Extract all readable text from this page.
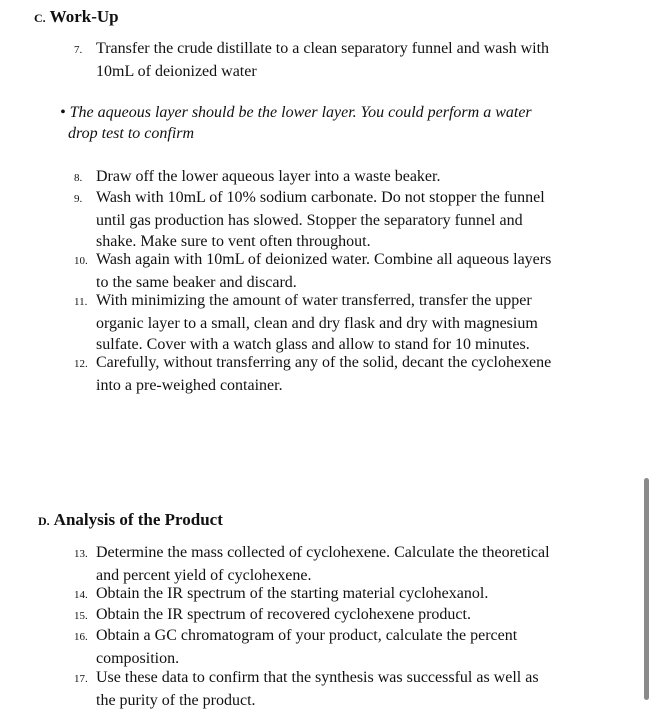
C. Work-Up
7. Transfer the crude distillate to a clean separatory funnel and wash with
10mL of deionized water
• The aqueous layer should be the lower layer. You could perform a water
drop test to confirm
8. Draw off the lower aqueous layer into a waste beaker.
9. Wash with 10mL of 10% sodium carbonate. Do not stopper the funnel
until gas production has slowed. Stopper the separatory funnel and
shake. Make sure to vent often throughout.
10. Wash again with 10mL of deionized water. Combine all aqueous layers
to the same beaker and discard.
11. With minimizing the amount of water transferred, transfer the upper
organic layer to a small, clean and dry flask and dry with magnesium
sulfate. Cover with a watch glass and allow to stand for 10 minutes.
12. Carefully, without transferring any of the solid, decant the cyclohexene
into a pre-weighed container.
D. Analysis of the Product
13. Determine the mass collected of cyclohexene. Calculate the theoretical
and percent yield of cyclohexene.
14. Obtain the IR spectrum of the starting material cyclohexanol.
15. Obtain the IR spectrum of recovered cyclohexene product.
16. Obtain a GC chromatogram of your product, calculate the percent
composition.
17. Use these data to confirm that the synthesis was successful as well as
the purity of the product.
